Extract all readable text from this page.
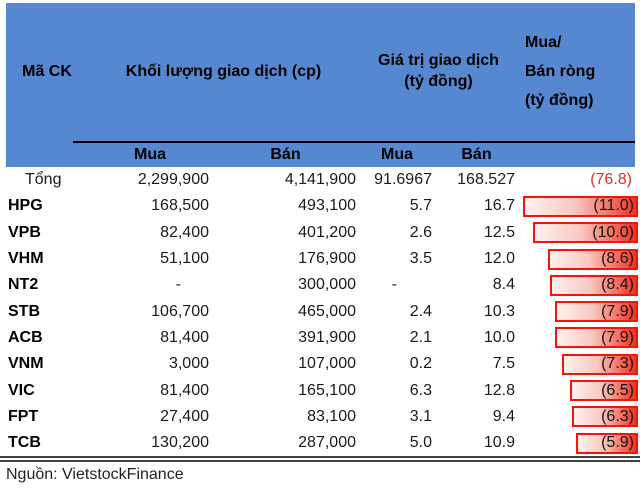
Mã CK	Khối lượng giao dịch (cp)
Giá trị giao dịch
(tỷ đồng)
Mua/
Bán ròng
(tỷ đồng)
Mua	Bán	Mua	Bán
Tổng	2,299,900	4,141,900	91.6967	168.527	(76.8)
HPG	168,500	493,100	5.7	16.7	(11.0)
VPB	82,400	401,200	2.6	12.5	(10.0)
VHM	51,100	176,900	3.5	12.0	(8.6)
NT2	-	300,000	-	8.4	(8.4)
STB	106,700	465,000	2.4	10.3	(7.9)
ACB	81,400	391,900	2.1	10.0	(7.9)
VNM	3,000	107,000	0.2	7.5	(7.3)
VIC	81,400	165,100	6.3	12.8	(6.5)
FPT	27,400	83,100	3.1	9.4	(6.3)
TCB	130,200	287,000	5.0	10.9	(5.9)
Nguồn: VietstockFinance
